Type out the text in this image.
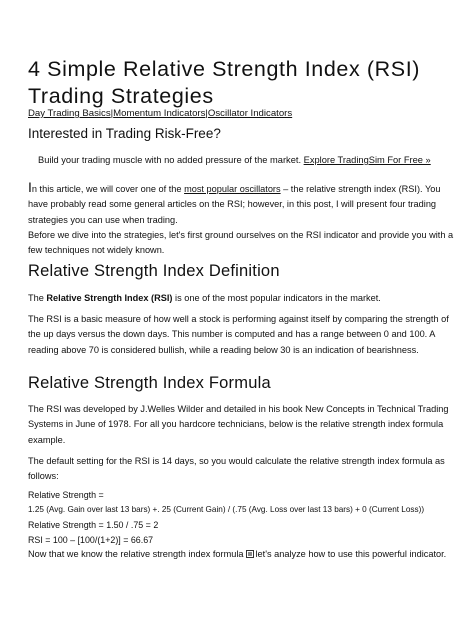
4 Simple Relative Strength Index (RSI)
Trading Strategies
Day Trading Basics|Momentum Indicators|Oscillator Indicators
Interested in Trading Risk-Free?
Build your trading muscle with no added pressure of the market. Explore TradingSim For Free »

In this article, we will cover one of the most popular oscillators – the relative strength index (RSI). You have probably read some general articles on the RSI; however, in this post, I will present four trading strategies you can use when trading.
Before we dive into the strategies, let's first ground ourselves on the RSI indicator and provide you with a few techniques not widely known.

Relative Strength Index Definition

The Relative Strength Index (RSI) is one of the most popular indicators in the market.

The RSI is a basic measure of how well a stock is performing against itself by comparing the strength of the up days versus the down days. This number is computed and has a range between 0 and 100. A reading above 70 is considered bullish, while a reading below 30 is an indication of bearishness.

Relative Strength Index Formula

The RSI was developed by J.Welles Wilder and detailed in his book New Concepts in Technical Trading Systems in June of 1978. For all you hardcore technicians, below is the relative strength index formula example.

The default setting for the RSI is 14 days, so you would calculate the relative strength index formula as follows:

Relative Strength =
1.25 (Avg. Gain over last 13 bars) +. 25 (Current Gain) / (.75 (Avg. Loss over last 13 bars) + 0 (Current Loss))
Relative Strength = 1.50 / .75 = 2
RSI = 100 – [100/(1+2)] = 66.67

Now that we know the relative strength index formula let's analyze how to use this powerful indicator.
